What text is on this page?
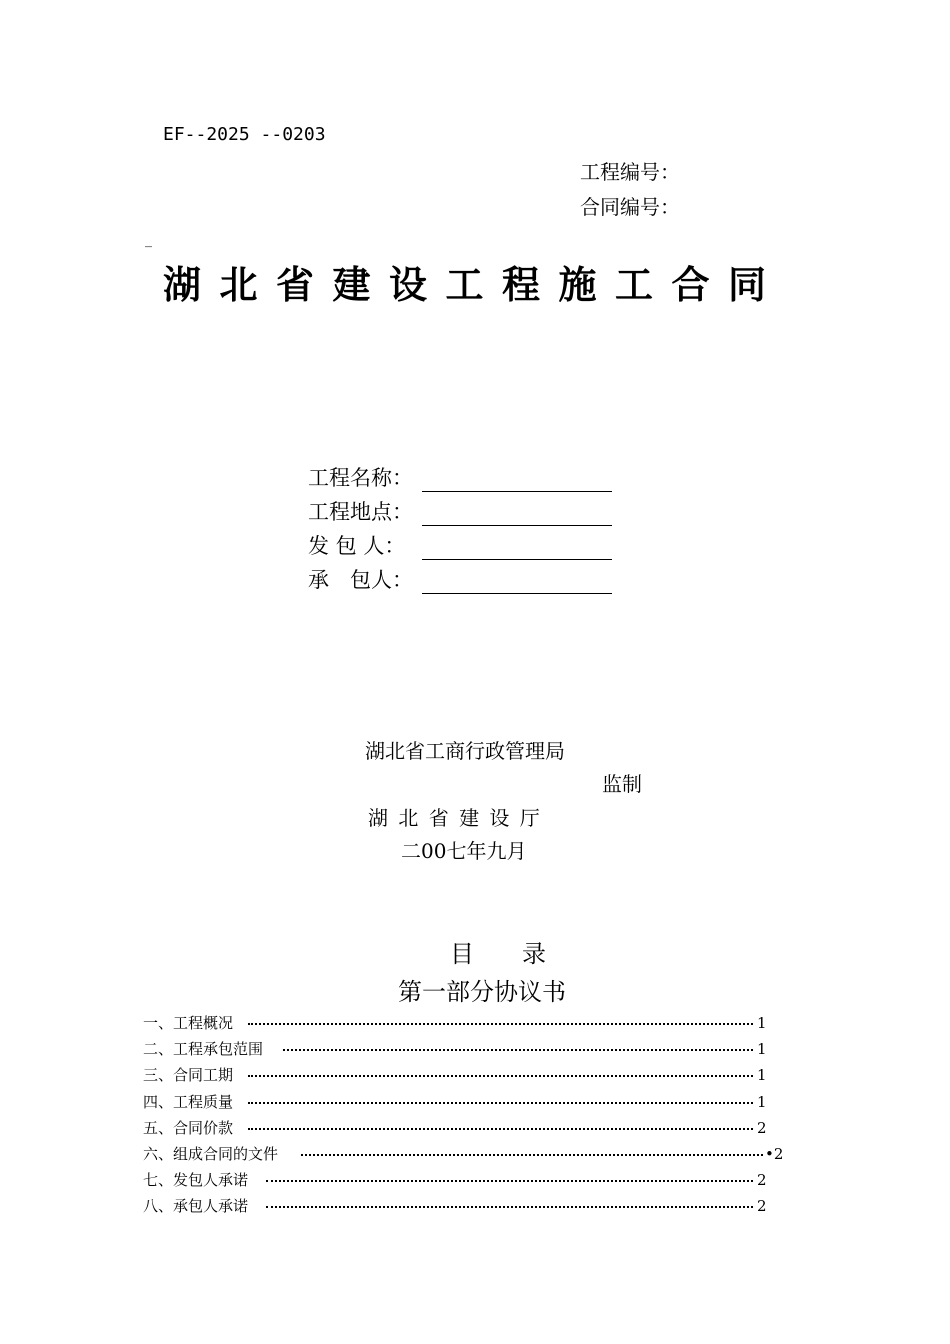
EF--2025 --0203
工程编号：
合同编号：
_
湖北省建设工程施工合同
工程名称：
工程地点：
发 包 人：
承　包人：
湖北省工商行政管理局
监制
湖 北 省 建 设 厅
二00七年九月
目　　录
第一部分协议书
一、工程概况	1
二、工程承包范围	1
三、合同工期	1
四、工程质量	1
五、合同价款	2
六、组成合同的文件	•2
七、发包人承诺	2
八、承包人承诺	2
